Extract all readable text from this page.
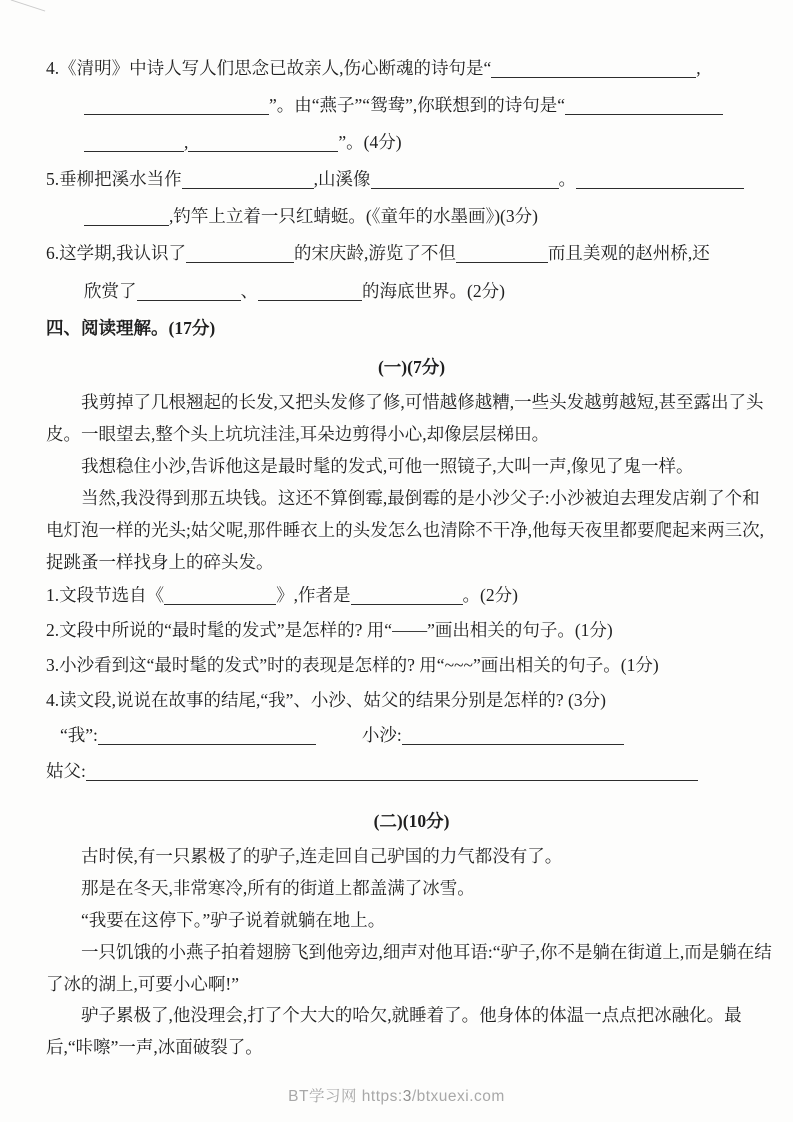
4.《清明》中诗人写人们思念已故亲人,伤心断魂的诗句是“	,
”。由“燕子”“鸳鸯”,你联想到的诗句是“
,	”。(4分)
5.垂柳把溪水当作	,山溪像	。
,钓竿上立着一只红蜻蜓。(《童年的水墨画》)(3分)
6.这学期,我认识了	的宋庆龄,游览了不但	而且美观的赵州桥,还
欣赏了	、	的海底世界。(2分)
四、阅读理解。(17分)
(一)(7分)

我剪掉了几根翘起的长发,又把头发修了修,可惜越修越糟,一些头发越剪越短,甚至露出了头皮。一眼望去,整个头上坑坑洼洼,耳朵边剪得小心,却像层层梯田。

我想稳住小沙,告诉他这是最时髦的发式,可他一照镜子,大叫一声,像见了鬼一样。

当然,我没得到那五块钱。这还不算倒霉,最倒霉的是小沙父子:小沙被迫去理发店剃了个和电灯泡一样的光头;姑父呢,那件睡衣上的头发怎么也清除不干净,他每天夜里都要爬起来两三次,捉跳蚤一样找身上的碎头发。

1.文段节选自《	》,作者是	。(2分)
2.文段中所说的“最时髦的发式”是怎样的? 用“——”画出相关的句子。(1分)
3.小沙看到这“最时髦的发式”时的表现是怎样的? 用“~~~”画出相关的句子。(1分)
4.读文段,说说在故事的结尾,“我”、小沙、姑父的结果分别是怎样的? (3分)
“我”:	小沙:
姑父:
(二)(10分)

古时侯,有一只累极了的驴子,连走回自己驴国的力气都没有了。

那是在冬天,非常寒冷,所有的街道上都盖满了冰雪。

“我要在这停下。”驴子说着就躺在地上。

一只饥饿的小燕子拍着翅膀飞到他旁边,细声对他耳语:“驴子,你不是躺在街道上,而是躺在结了冰的湖上,可要小心啊!”

驴子累极了,他没理会,打了个大大的哈欠,就睡着了。他身体的体温一点点把冰融化。最后,“咔嚓”一声,冰面破裂了。

BT学习网 https:3/btxuexi.com
